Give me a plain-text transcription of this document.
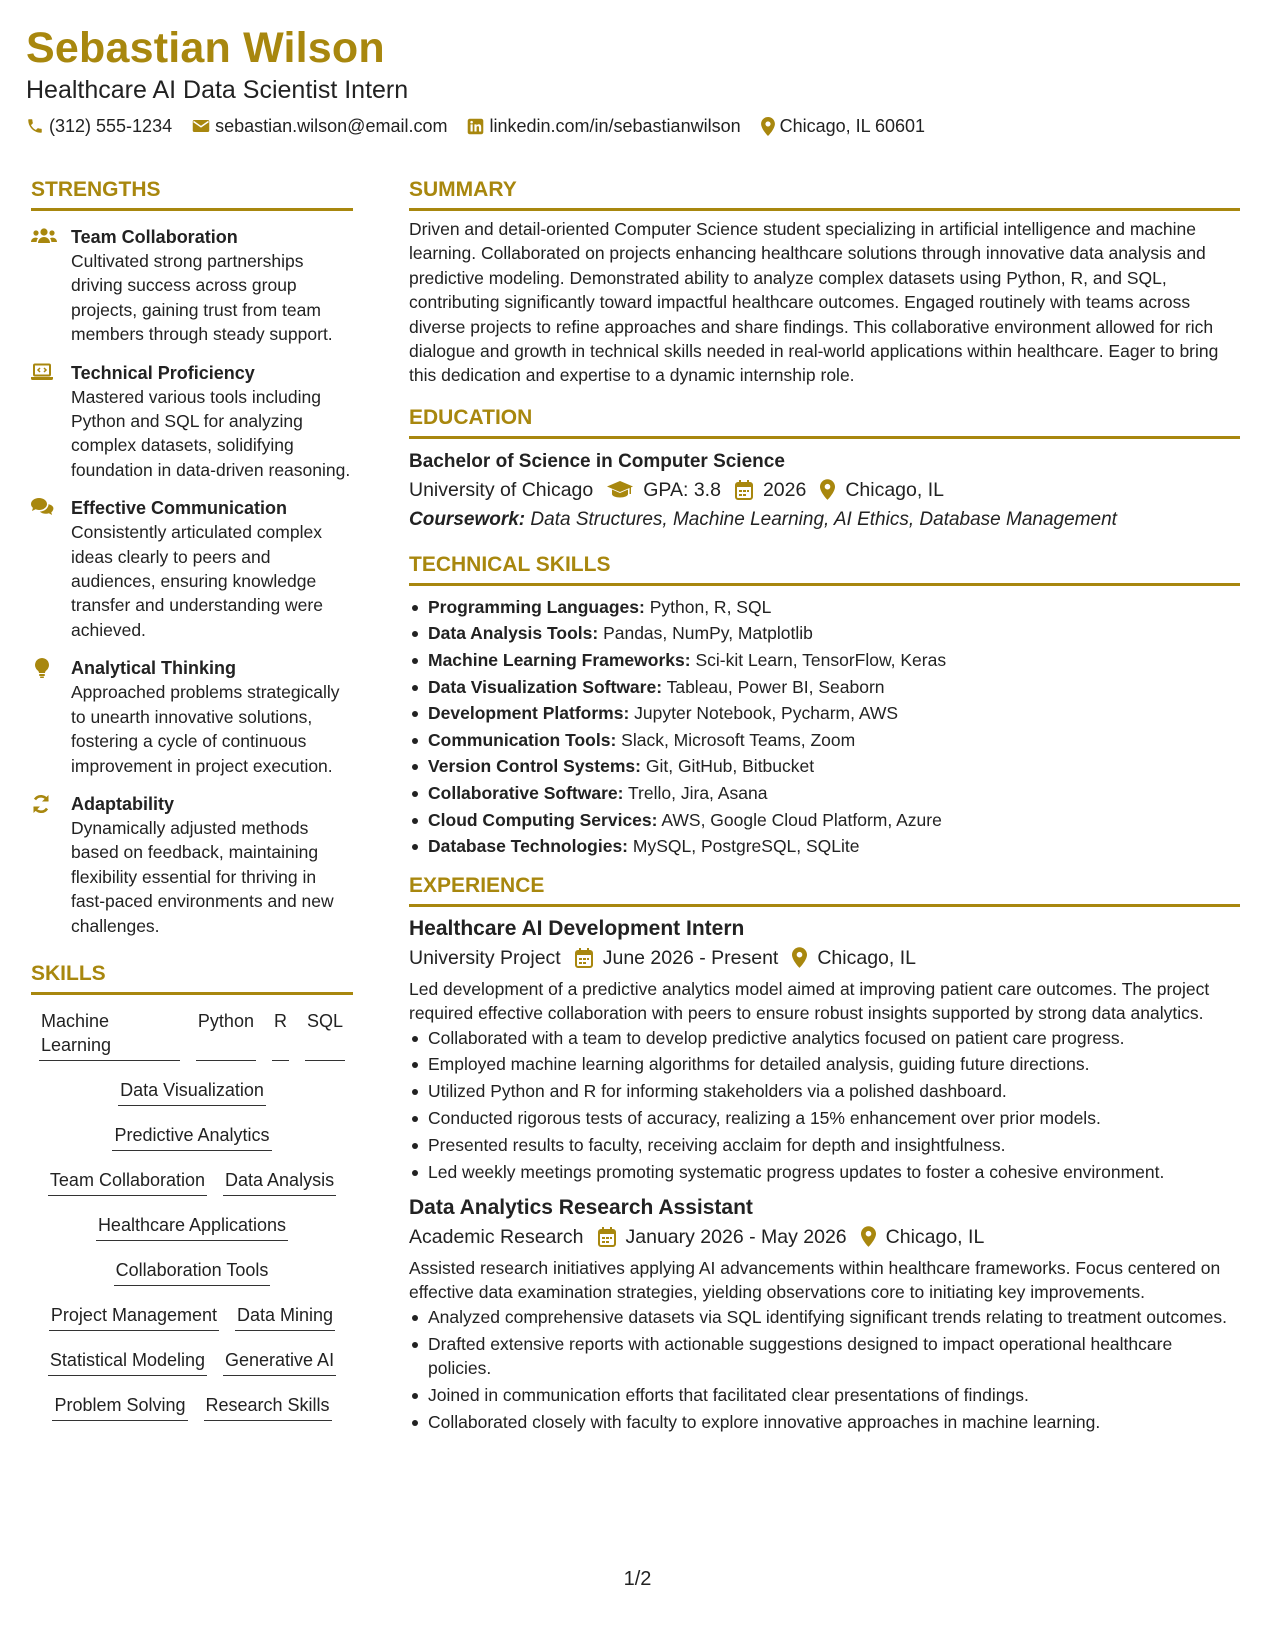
Sebastian Wilson
Healthcare AI Data Scientist Intern
(312) 555-1234 sebastian.wilson@email.com linkedin.com/in/sebastianwilson Chicago, IL 60601
STRENGTHS
Team Collaboration
Cultivated strong partnerships driving success across group projects, gaining trust from team members through steady support.
Technical Proficiency
Mastered various tools including Python and SQL for analyzing complex datasets, solidifying foundation in data-driven reasoning.
Effective Communication
Consistently articulated complex ideas clearly to peers and audiences, ensuring knowledge transfer and understanding were achieved.
Analytical Thinking
Approached problems strategically to unearth innovative solutions, fostering a cycle of continuous improvement in project execution.
Adaptability
Dynamically adjusted methods based on feedback, maintaining flexibility essential for thriving in fast-paced environments and new challenges.
SKILLS
Machine Learning
Python R SQL
Data Visualization
Predictive Analytics
Team Collaboration Data Analysis
Healthcare Applications
Collaboration Tools
Project Management Data Mining
Statistical Modeling Generative AI
Problem Solving Research Skills
SUMMARY
Driven and detail-oriented Computer Science student specializing in artificial intelligence and machine learning. Collaborated on projects enhancing healthcare solutions through innovative data analysis and predictive modeling. Demonstrated ability to analyze complex datasets using Python, R, and SQL, contributing significantly toward impactful healthcare outcomes. Engaged routinely with teams across diverse projects to refine approaches and share findings. This collaborative environment allowed for rich dialogue and growth in technical skills needed in real-world applications within healthcare. Eager to bring this dedication and expertise to a dynamic internship role.
EDUCATION
Bachelor of Science in Computer Science
University of Chicago	GPA: 3.8 2026 Chicago, IL
Coursework: Data Structures, Machine Learning, AI Ethics, Database Management
TECHNICAL SKILLS
Programming Languages: Python, R, SQL
Data Analysis Tools: Pandas, NumPy, Matplotlib
Machine Learning Frameworks: Sci-kit Learn, TensorFlow, Keras
Data Visualization Software: Tableau, Power BI, Seaborn
Development Platforms: Jupyter Notebook, Pycharm, AWS
Communication Tools: Slack, Microsoft Teams, Zoom
Version Control Systems: Git, GitHub, Bitbucket
Collaborative Software: Trello, Jira, Asana
Cloud Computing Services: AWS, Google Cloud Platform, Azure
Database Technologies: MySQL, PostgreSQL, SQLite
EXPERIENCE
Healthcare AI Development Intern
University Project June 2026 - Present Chicago, IL
Led development of a predictive analytics model aimed at improving patient care outcomes. The project required effective collaboration with peers to ensure robust insights supported by strong data analytics.
Collaborated with a team to develop predictive analytics focused on patient care progress.
Employed machine learning algorithms for detailed analysis, guiding future directions.
Utilized Python and R for informing stakeholders via a polished dashboard.
Conducted rigorous tests of accuracy, realizing a 15% enhancement over prior models.
Presented results to faculty, receiving acclaim for depth and insightfulness.
Led weekly meetings promoting systematic progress updates to foster a cohesive environment.
Data Analytics Research Assistant
Academic Research January 2026 - May 2026 Chicago, IL
Assisted research initiatives applying AI advancements within healthcare frameworks. Focus centered on effective data examination strategies, yielding observations core to initiating key improvements.
Analyzed comprehensive datasets via SQL identifying significant trends relating to treatment outcomes.
Drafted extensive reports with actionable suggestions designed to impact operational healthcare policies.
Joined in communication efforts that facilitated clear presentations of findings.
Collaborated closely with faculty to explore innovative approaches in machine learning.
1/2
